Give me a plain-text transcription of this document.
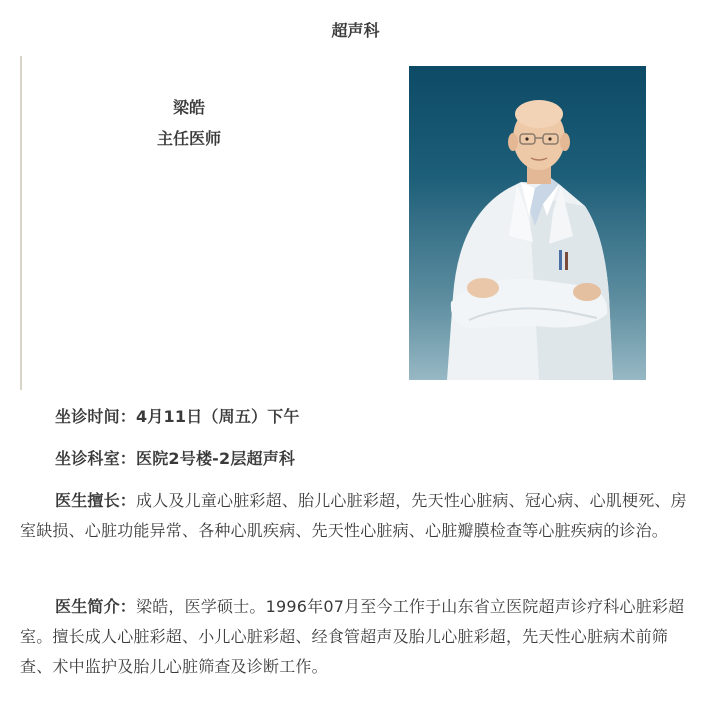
超声科
梁皓
主任医师
坐诊时间：4月11日（周五）下午
坐诊科室：医院2号楼-2层超声科
医生擅长：成人及儿童心脏彩超、胎儿心脏彩超，先天性心脏病、冠心病、心肌梗死、房室缺损、心脏功能异常、各种心肌疾病、先天性心脏病、心脏瓣膜检查等心脏疾病的诊治。
医生简介：梁皓，医学硕士。1996年07月至今工作于山东省立医院超声诊疗科心脏彩超室。擅长成人心脏彩超、小儿心脏彩超、经食管超声及胎儿心脏彩超，先天性心脏病术前筛查、术中监护及胎儿心脏筛查及诊断工作。
